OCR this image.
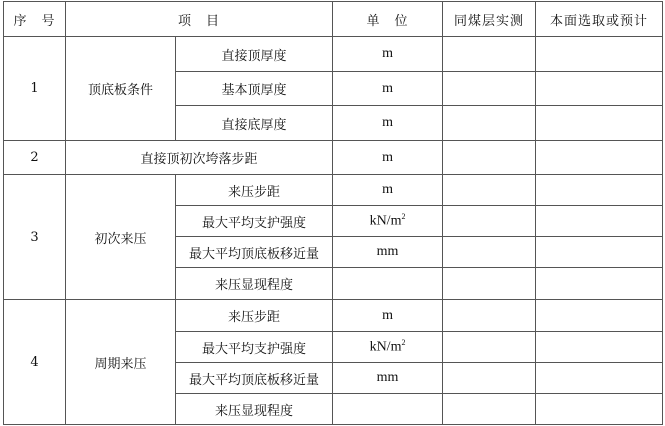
序　号	项　目		单　位	同煤层实测	本面选取或预计
1	顶底板条件	直接顶厚度	m		
		基本顶厚度	m		
		直接底厚度	m		
2	直接顶初次垮落步距		m		
3	初次来压	来压步距	m		
		最大平均支护强度	$kN/m^2$		
		最大平均顶底板移近量	mm		
		来压显现程度			
4	周期来压	来压步距	m		
		最大平均支护强度	$kN/m^2$		
		最大平均顶底板移近量	mm		
		来压显现程度			
